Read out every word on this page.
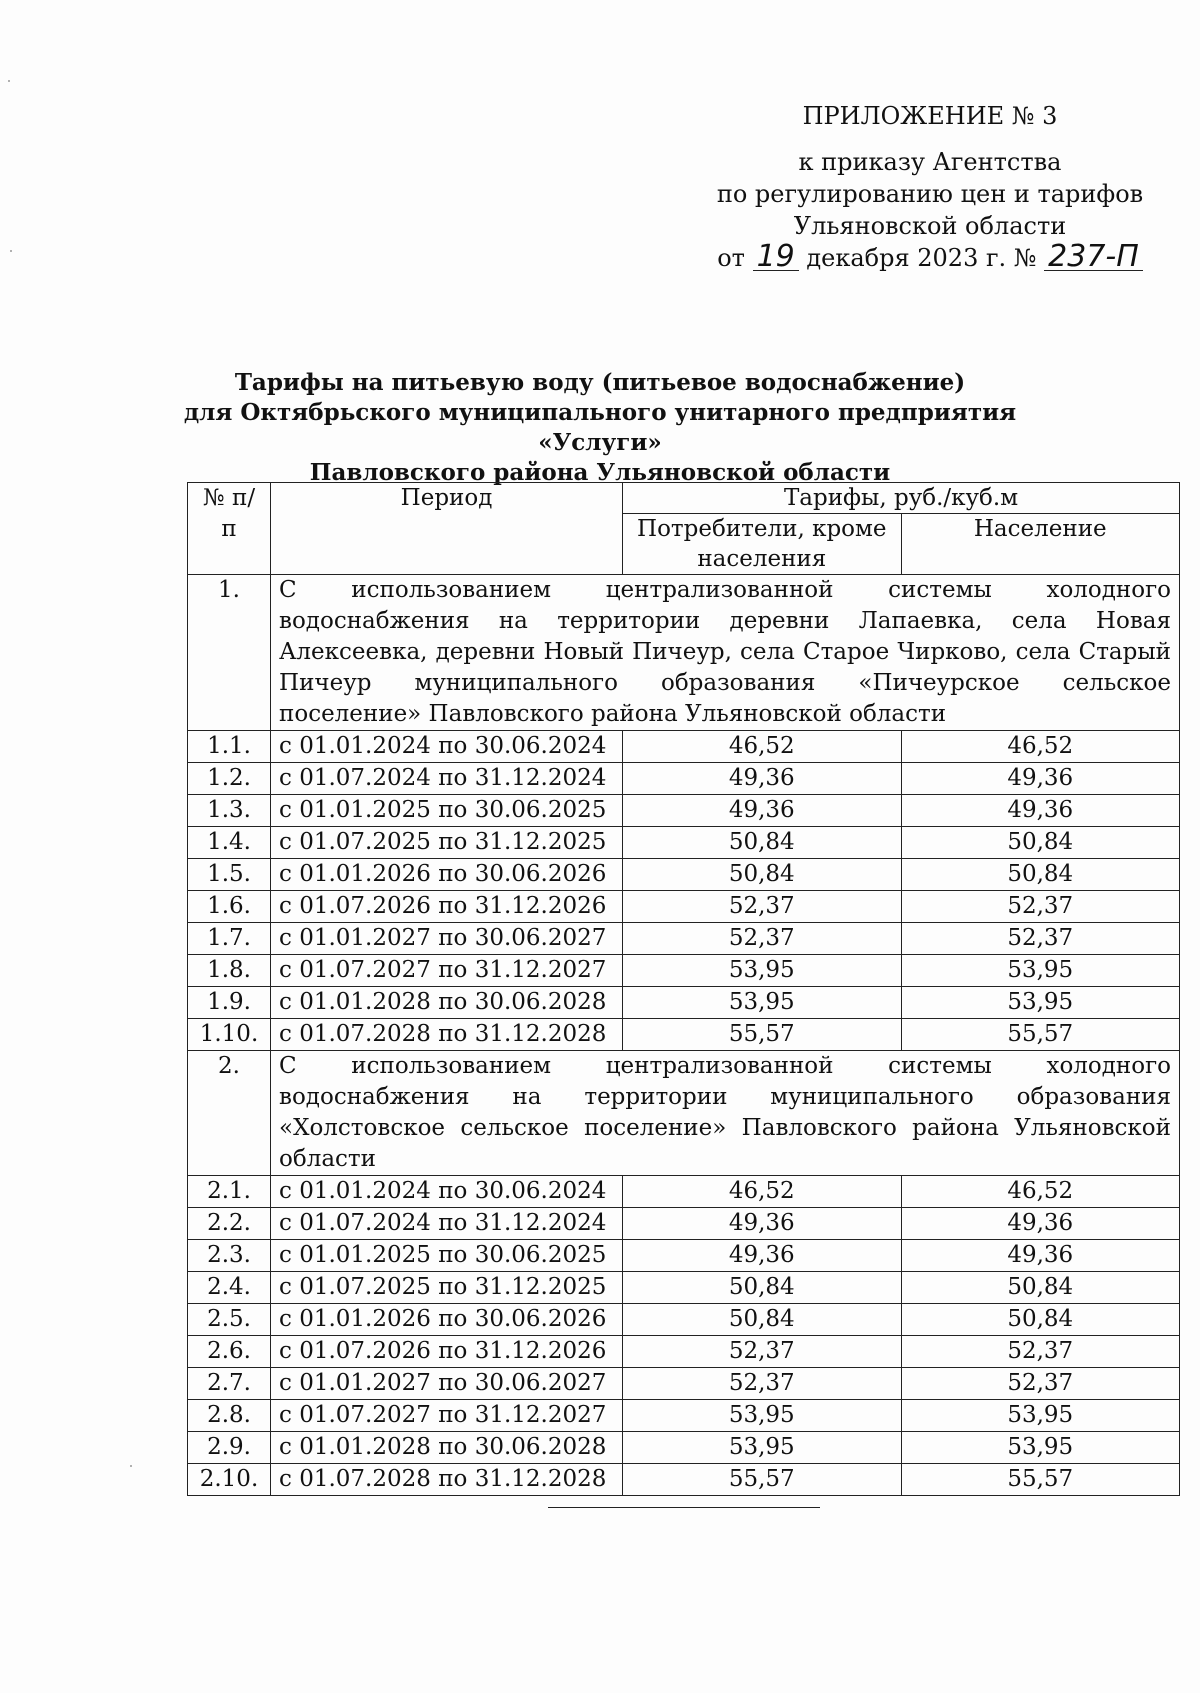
ПРИЛОЖЕНИЕ № 3
к приказу Агентства
по регулированию цен и тарифов
Ульяновской области
от 19 декабря 2023 г. № 237-П
Тарифы на питьевую воду (питьевое водоснабжение)
для Октябрьского муниципального унитарного предприятия «Услуги»
Павловского района Ульяновской области
№ п/п	Период	Тарифы, руб./куб.м	
		Потребители, кроме населения	Население
1.	С использованием централизованной системы холодного водоснабжения на территории деревни Лапаевка, села Новая Алексеевка, деревни Новый Пичеур, села Старое Чирково, села Старый Пичеур муниципального образования «Пичеурское сельское поселение» Павловского района Ульяновской области		
1.1.	с 01.01.2024 по 30.06.2024	46,52	46,52
1.2.	с 01.07.2024 по 31.12.2024	49,36	49,36
1.3.	с 01.01.2025 по 30.06.2025	49,36	49,36
1.4.	с 01.07.2025 по 31.12.2025	50,84	50,84
1.5.	с 01.01.2026 по 30.06.2026	50,84	50,84
1.6.	с 01.07.2026 по 31.12.2026	52,37	52,37
1.7.	с 01.01.2027 по 30.06.2027	52,37	52,37
1.8.	с 01.07.2027 по 31.12.2027	53,95	53,95
1.9.	с 01.01.2028 по 30.06.2028	53,95	53,95
1.10.	с 01.07.2028 по 31.12.2028	55,57	55,57
2.	С использованием централизованной системы холодного водоснабжения на территории муниципального образования «Холстовское сельское поселение» Павловского района Ульяновской области		
2.1.	с 01.01.2024 по 30.06.2024	46,52	46,52
2.2.	с 01.07.2024 по 31.12.2024	49,36	49,36
2.3.	с 01.01.2025 по 30.06.2025	49,36	49,36
2.4.	с 01.07.2025 по 31.12.2025	50,84	50,84
2.5.	с 01.01.2026 по 30.06.2026	50,84	50,84
2.6.	с 01.07.2026 по 31.12.2026	52,37	52,37
2.7.	с 01.01.2027 по 30.06.2027	52,37	52,37
2.8.	с 01.07.2027 по 31.12.2027	53,95	53,95
2.9.	с 01.01.2028 по 30.06.2028	53,95	53,95
2.10.	с 01.07.2028 по 31.12.2028	55,57	55,57
